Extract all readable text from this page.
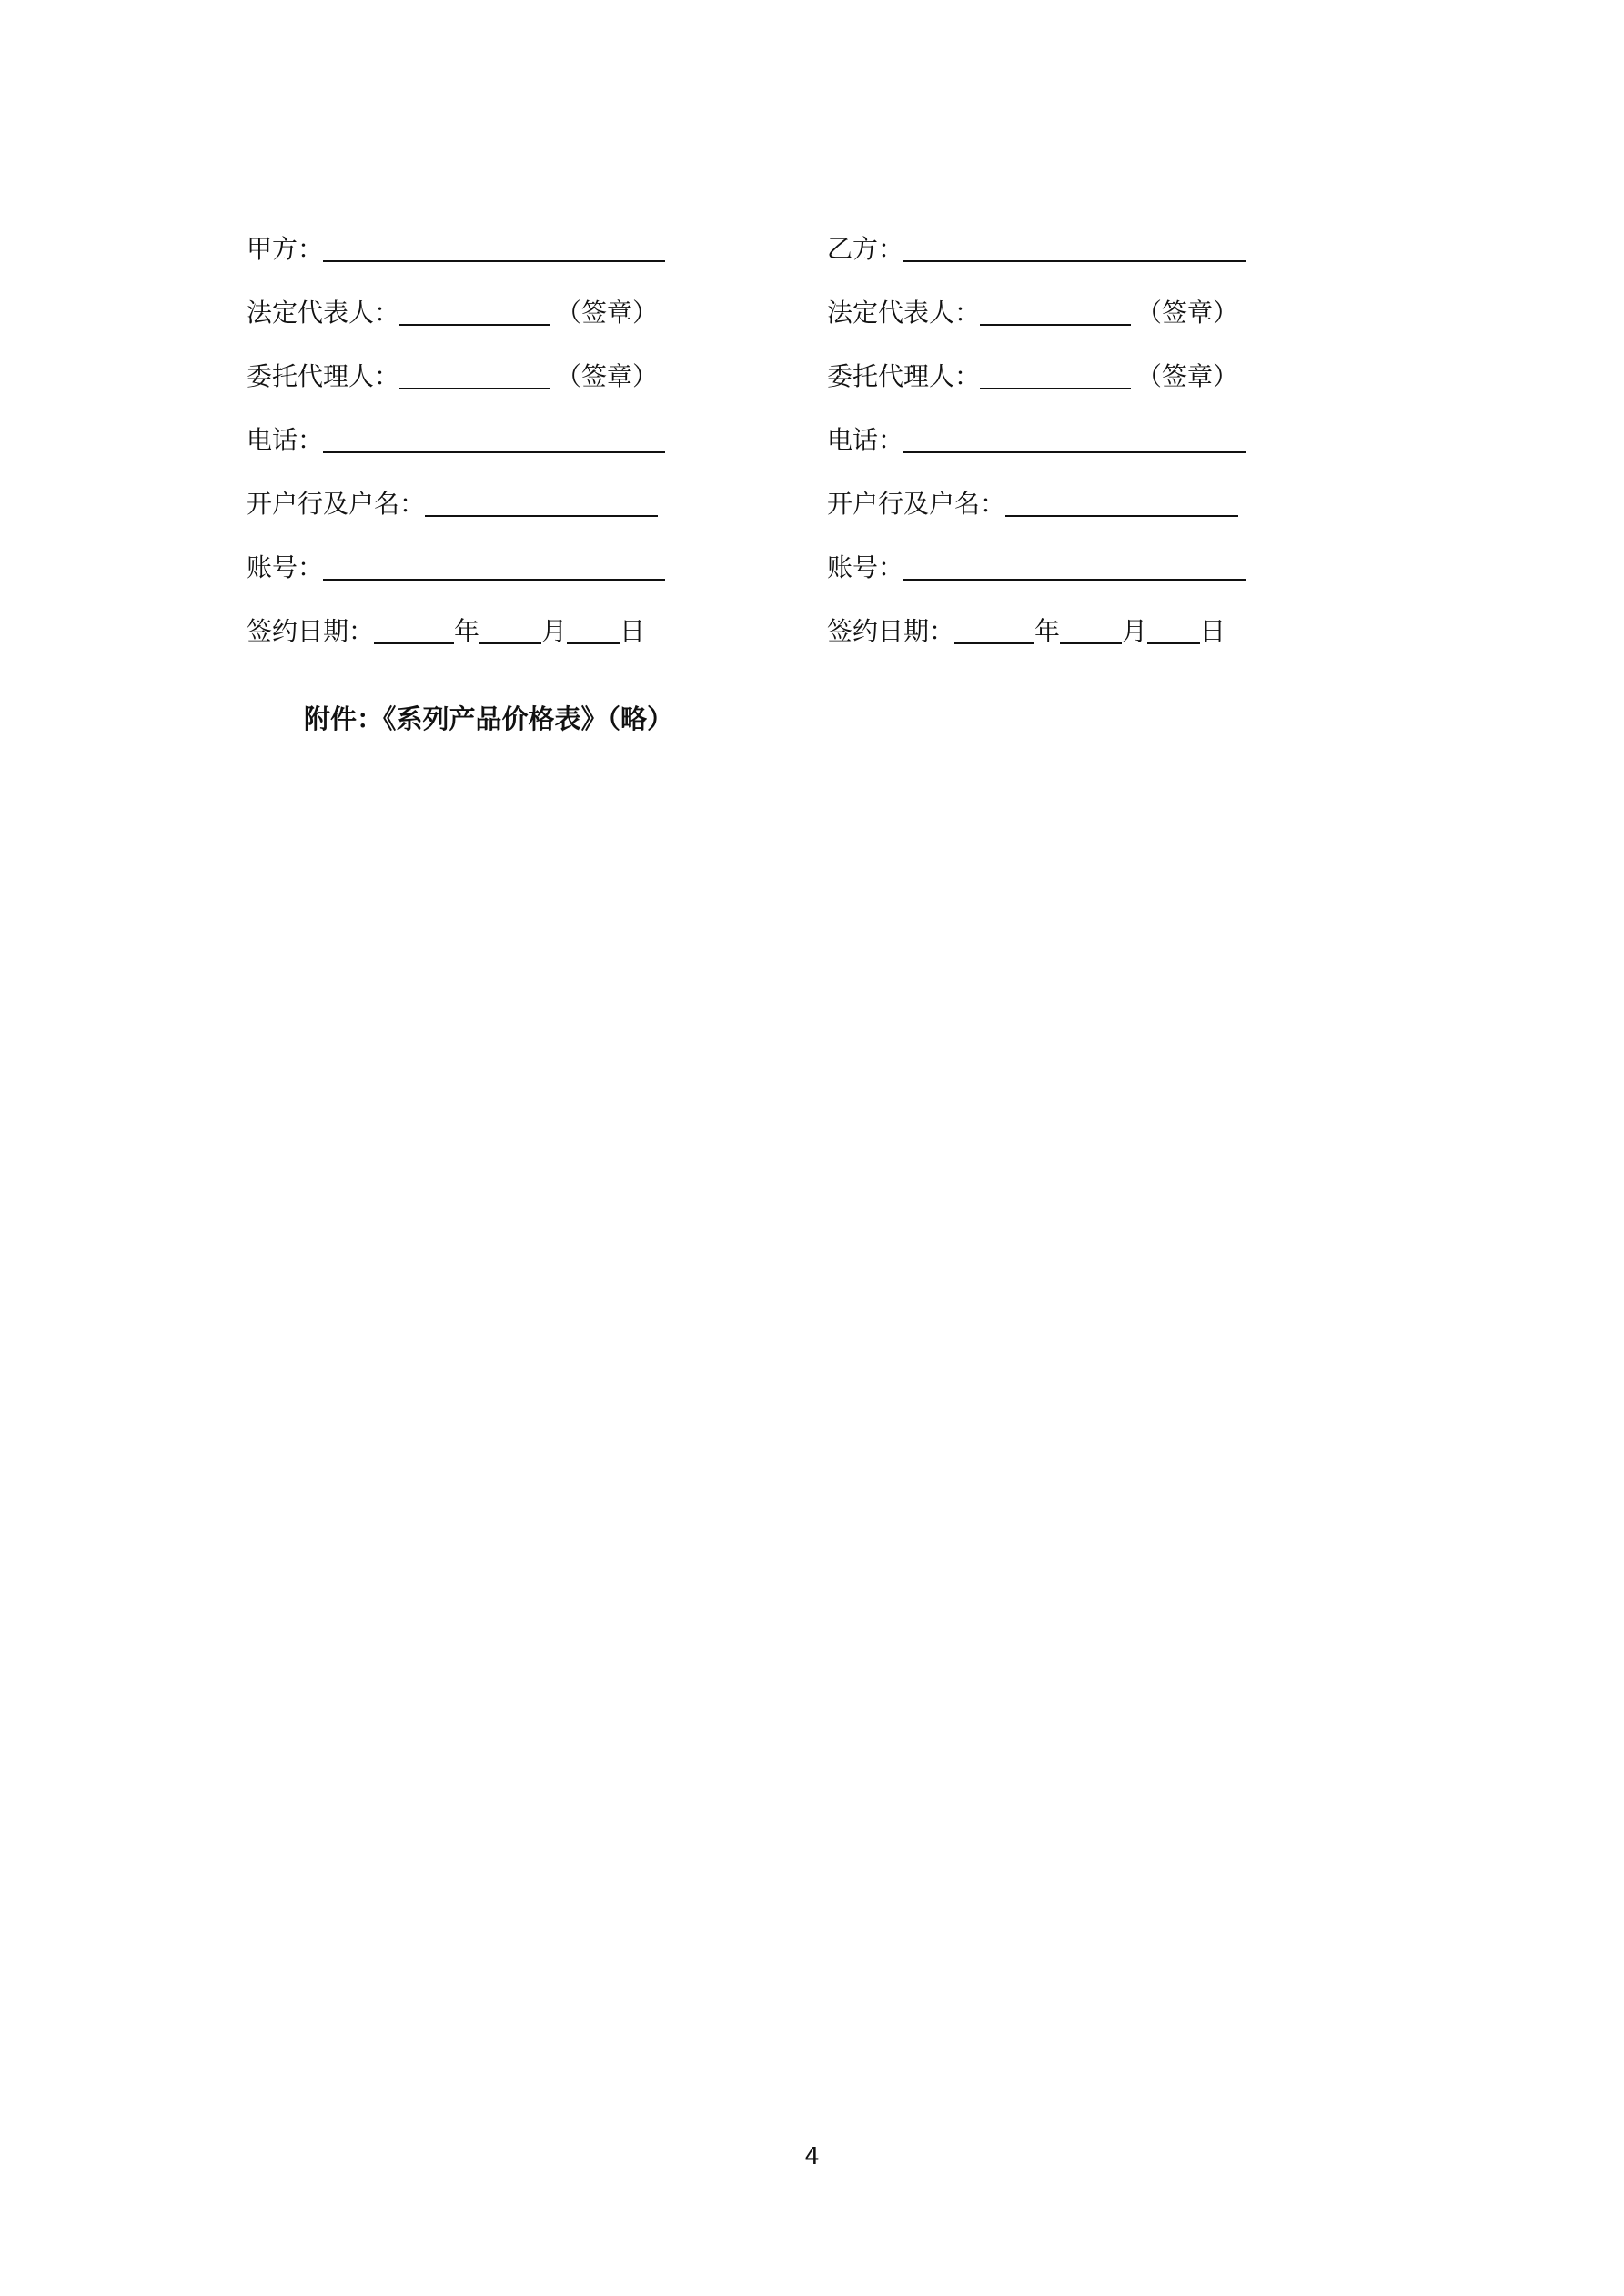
甲方：
法定代表人：	（签章）
委托代理人：	（签章）
电话：
开户行及户名：
账号：
签约日期：	年 月 日
乙方：
法定代表人：	（签章）
委托代理人：	（签章）
电话：
开户行及户名：
账号：
签约日期：	年 月 日
附件：《系列产品价格表》（略）
4
